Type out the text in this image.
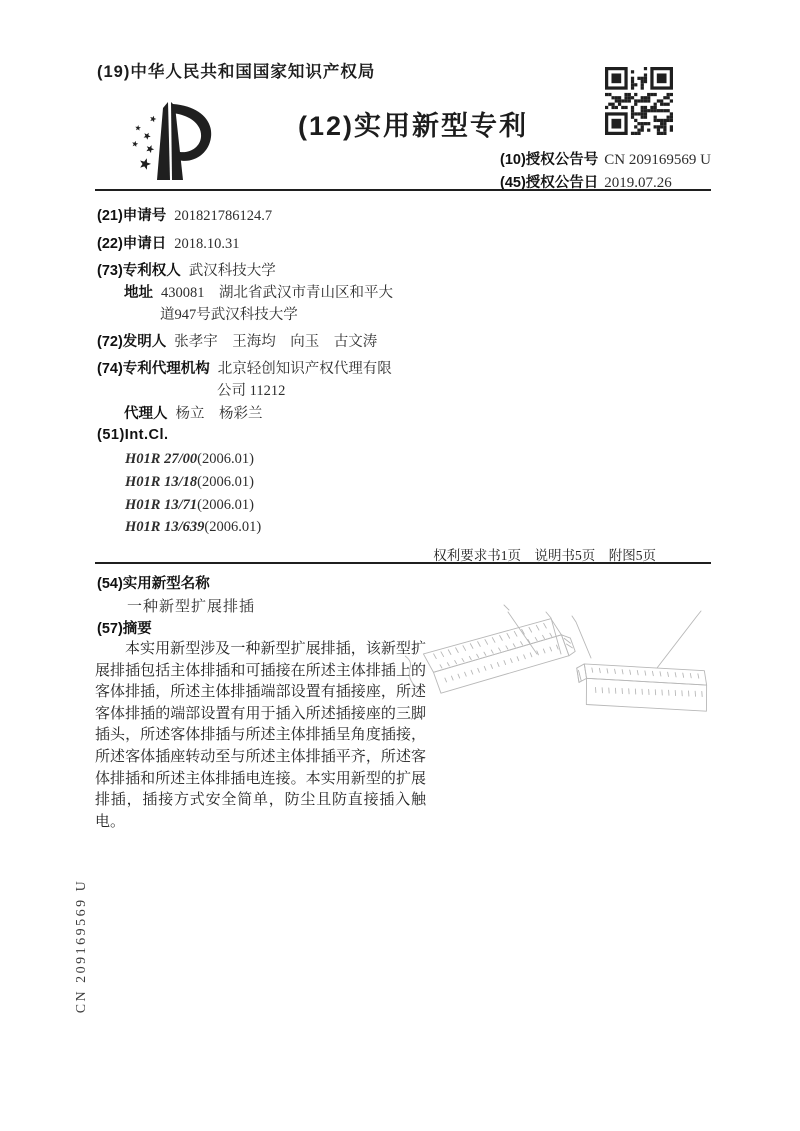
(19)中华人民共和国国家知识产权局
(12)实用新型专利
(10)授权公告号 CN 209169569 U
(45)授权公告日 2019.07.26
(21)申请号 201821786124.7
(22)申请日 2018.10.31
(73)专利权人 武汉科技大学
地址 430081　湖北省武汉市青山区和平大
道947号武汉科技大学
(72)发明人 张孝宇　王海均　向玉　古文涛
(74)专利代理机构 北京轻创知识产权代理有限
公司 11212
代理人 杨立　杨彩兰
(51)Int.Cl.
H01R 27/00 (2006.01)
H01R 13/18 (2006.01)
H01R 13/71 (2006.01)
H01R 13/639 (2006.01)
权利要求书1页　说明书5页　附图5页
(54)实用新型名称
一种新型扩展排插
(57)摘要
本实用新型涉及一种新型扩展排插，该新型扩展排插包括主体排插和可插接在所述主体排插上的客体排插，所述主体排插端部设置有插接座，所述客体排插的端部设置有用于插入所述插接座的三脚插头，所述客体排插与所述主体排插呈角度插接，所述客体插座转动至与所述主体排插平齐，所述客体排插和所述主体排插电连接。本实用新型的扩展排插，插接方式安全简单，防尘且防直接插入触电。
CN 209169569 U
